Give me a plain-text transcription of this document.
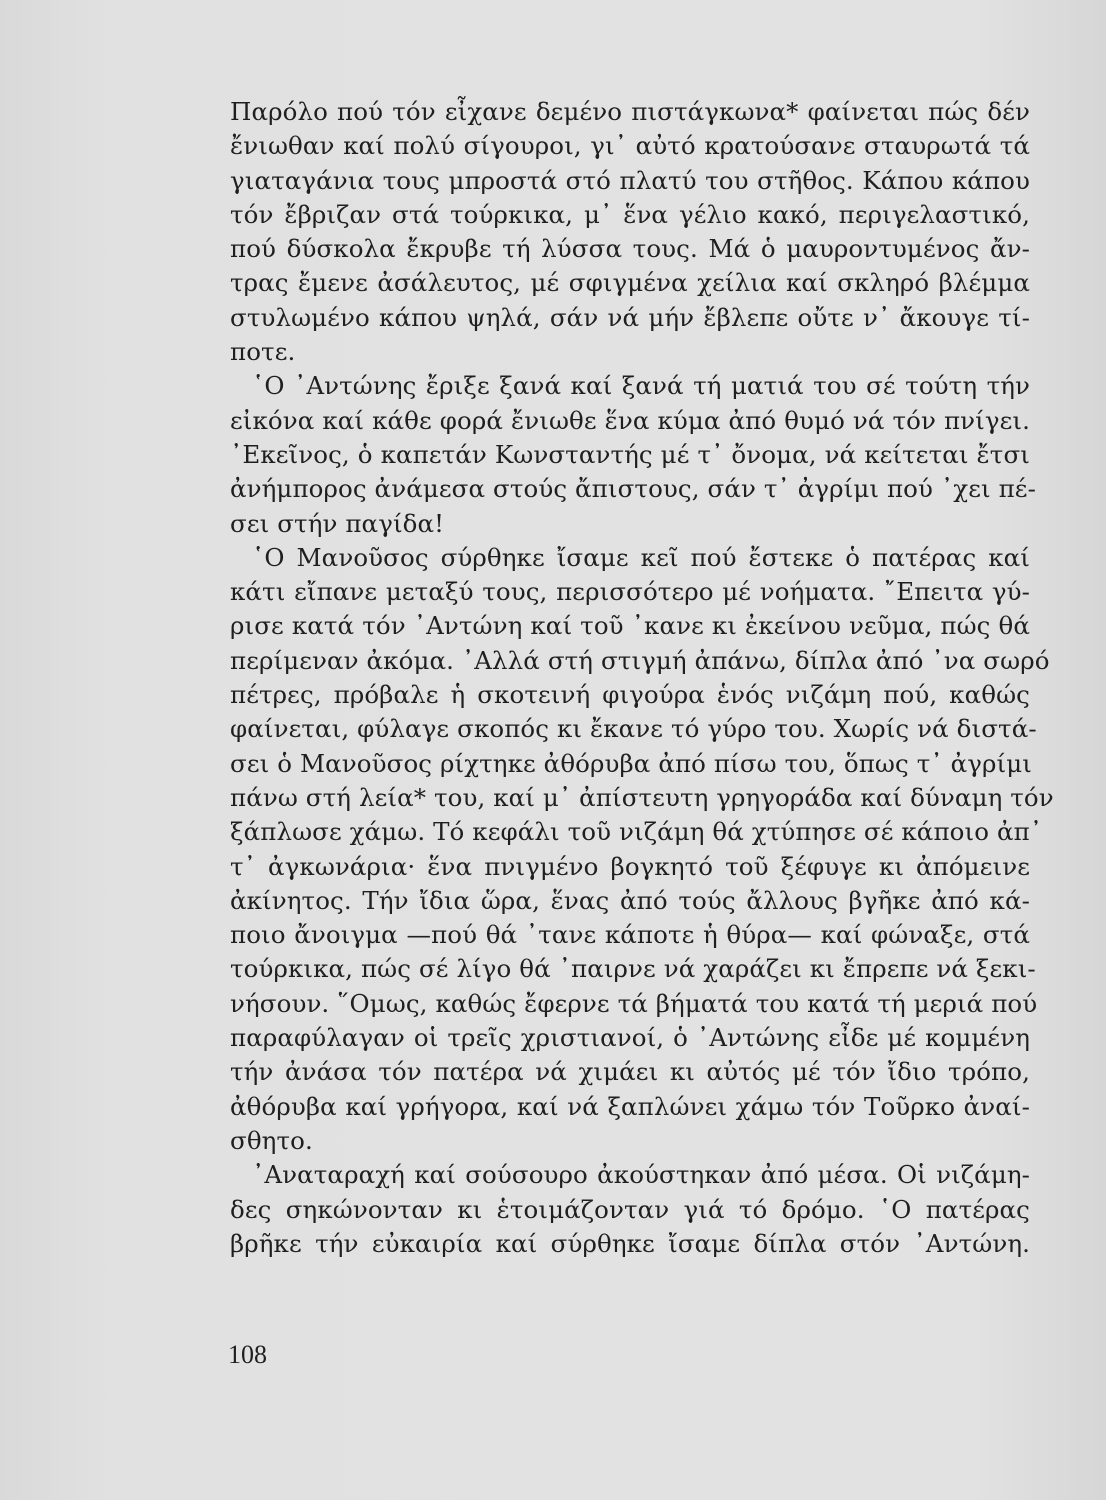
Παρόλο πού τόν εἶχανε δεμένο πιστάγκωνα* φαίνεται πώς δέν
ἔνιωθαν καί πολύ σίγουροι, γι᾿ αὐτό κρατούσανε σταυρωτά τά
γιαταγάνια τους μπροστά στό πλατύ του στῆθος. Κάπου κάπου
τόν ἔβριζαν στά τούρκικα, μ᾿ ἕνα γέλιο κακό, περιγελαστικό,
πού δύσκολα ἔκρυβε τή λύσσα τους. Μά ὁ μαυροντυμένος ἄν-
τρας ἔμενε ἀσάλευτος, μέ σφιγμένα χείλια καί σκληρό βλέμμα
στυλωμένο κάπου ψηλά, σάν νά μήν ἔβλεπε οὔτε ν᾿ ἄκουγε τί-
ποτε.
῾Ο ᾿Αντώνης ἔριξε ξανά καί ξανά τή ματιά του σέ τούτη τήν
εἰκόνα καί κάθε φορά ἔνιωθε ἕνα κύμα ἀπό θυμό νά τόν πνίγει.
᾿Εκεῖνος, ὁ καπετάν Κωνσταντής μέ τ᾿ ὄνομα, νά κείτεται ἔτσι
ἀνήμπορος ἀνάμεσα στούς ἄπιστους, σάν τ᾿ ἀγρίμι πού ᾿χει πέ-
σει στήν παγίδα!
῾Ο Μανοῦσος σύρθηκε ἴσαμε κεῖ πού ἔστεκε ὁ πατέρας καί
κάτι εἴπανε μεταξύ τους, περισσότερο μέ νοήματα. ῎Επειτα γύ-
ρισε κατά τόν ᾿Αντώνη καί τοῦ ᾿κανε κι ἐκείνου νεῦμα, πώς θά
περίμεναν ἀκόμα. ᾿Αλλά στή στιγμή ἀπάνω, δίπλα ἀπό ᾿να σωρό
πέτρες, πρόβαλε ἡ σκοτεινή φιγούρα ἑνός νιζάμη πού, καθώς
φαίνεται, φύλαγε σκοπός κι ἔκανε τό γύρο του. Χωρίς νά διστά-
σει ὁ Μανοῦσος ρίχτηκε ἀθόρυβα ἀπό πίσω του, ὅπως τ᾿ ἀγρίμι
πάνω στή λεία* του, καί μ᾿ ἀπίστευτη γρηγοράδα καί δύναμη τόν
ξάπλωσε χάμω. Τό κεφάλι τοῦ νιζάμη θά χτύπησε σέ κάποιο ἀπ᾿
τ᾿ ἀγκωνάρια· ἕνα πνιγμένο βογκητό τοῦ ξέφυγε κι ἀπόμεινε
ἀκίνητος. Τήν ἴδια ὥρα, ἕνας ἀπό τούς ἄλλους βγῆκε ἀπό κά-
ποιο ἄνοιγμα —πού θά ᾿τανε κάποτε ἡ θύρα— καί φώναξε, στά
τούρκικα, πώς σέ λίγο θά ᾿παιρνε νά χαράζει κι ἔπρεπε νά ξεκι-
νήσουν. ῞Ομως, καθώς ἔφερνε τά βήματά του κατά τή μεριά πού
παραφύλαγαν οἱ τρεῖς χριστιανοί, ὁ ᾿Αντώνης εἶδε μέ κομμένη
τήν ἀνάσα τόν πατέρα νά χιμάει κι αὐτός μέ τόν ἴδιο τρόπο,
ἀθόρυβα καί γρήγορα, καί νά ξαπλώνει χάμω τόν Τοῦρκο ἀναί-
σθητο.
᾿Αναταραχή καί σούσουρο ἀκούστηκαν ἀπό μέσα. Οἱ νιζάμη-
δες σηκώνονταν κι ἑτοιμάζονταν γιά τό δρόμο. ῾Ο πατέρας
βρῆκε τήν εὐκαιρία καί σύρθηκε ἴσαμε δίπλα στόν ᾿Αντώνη.
108
